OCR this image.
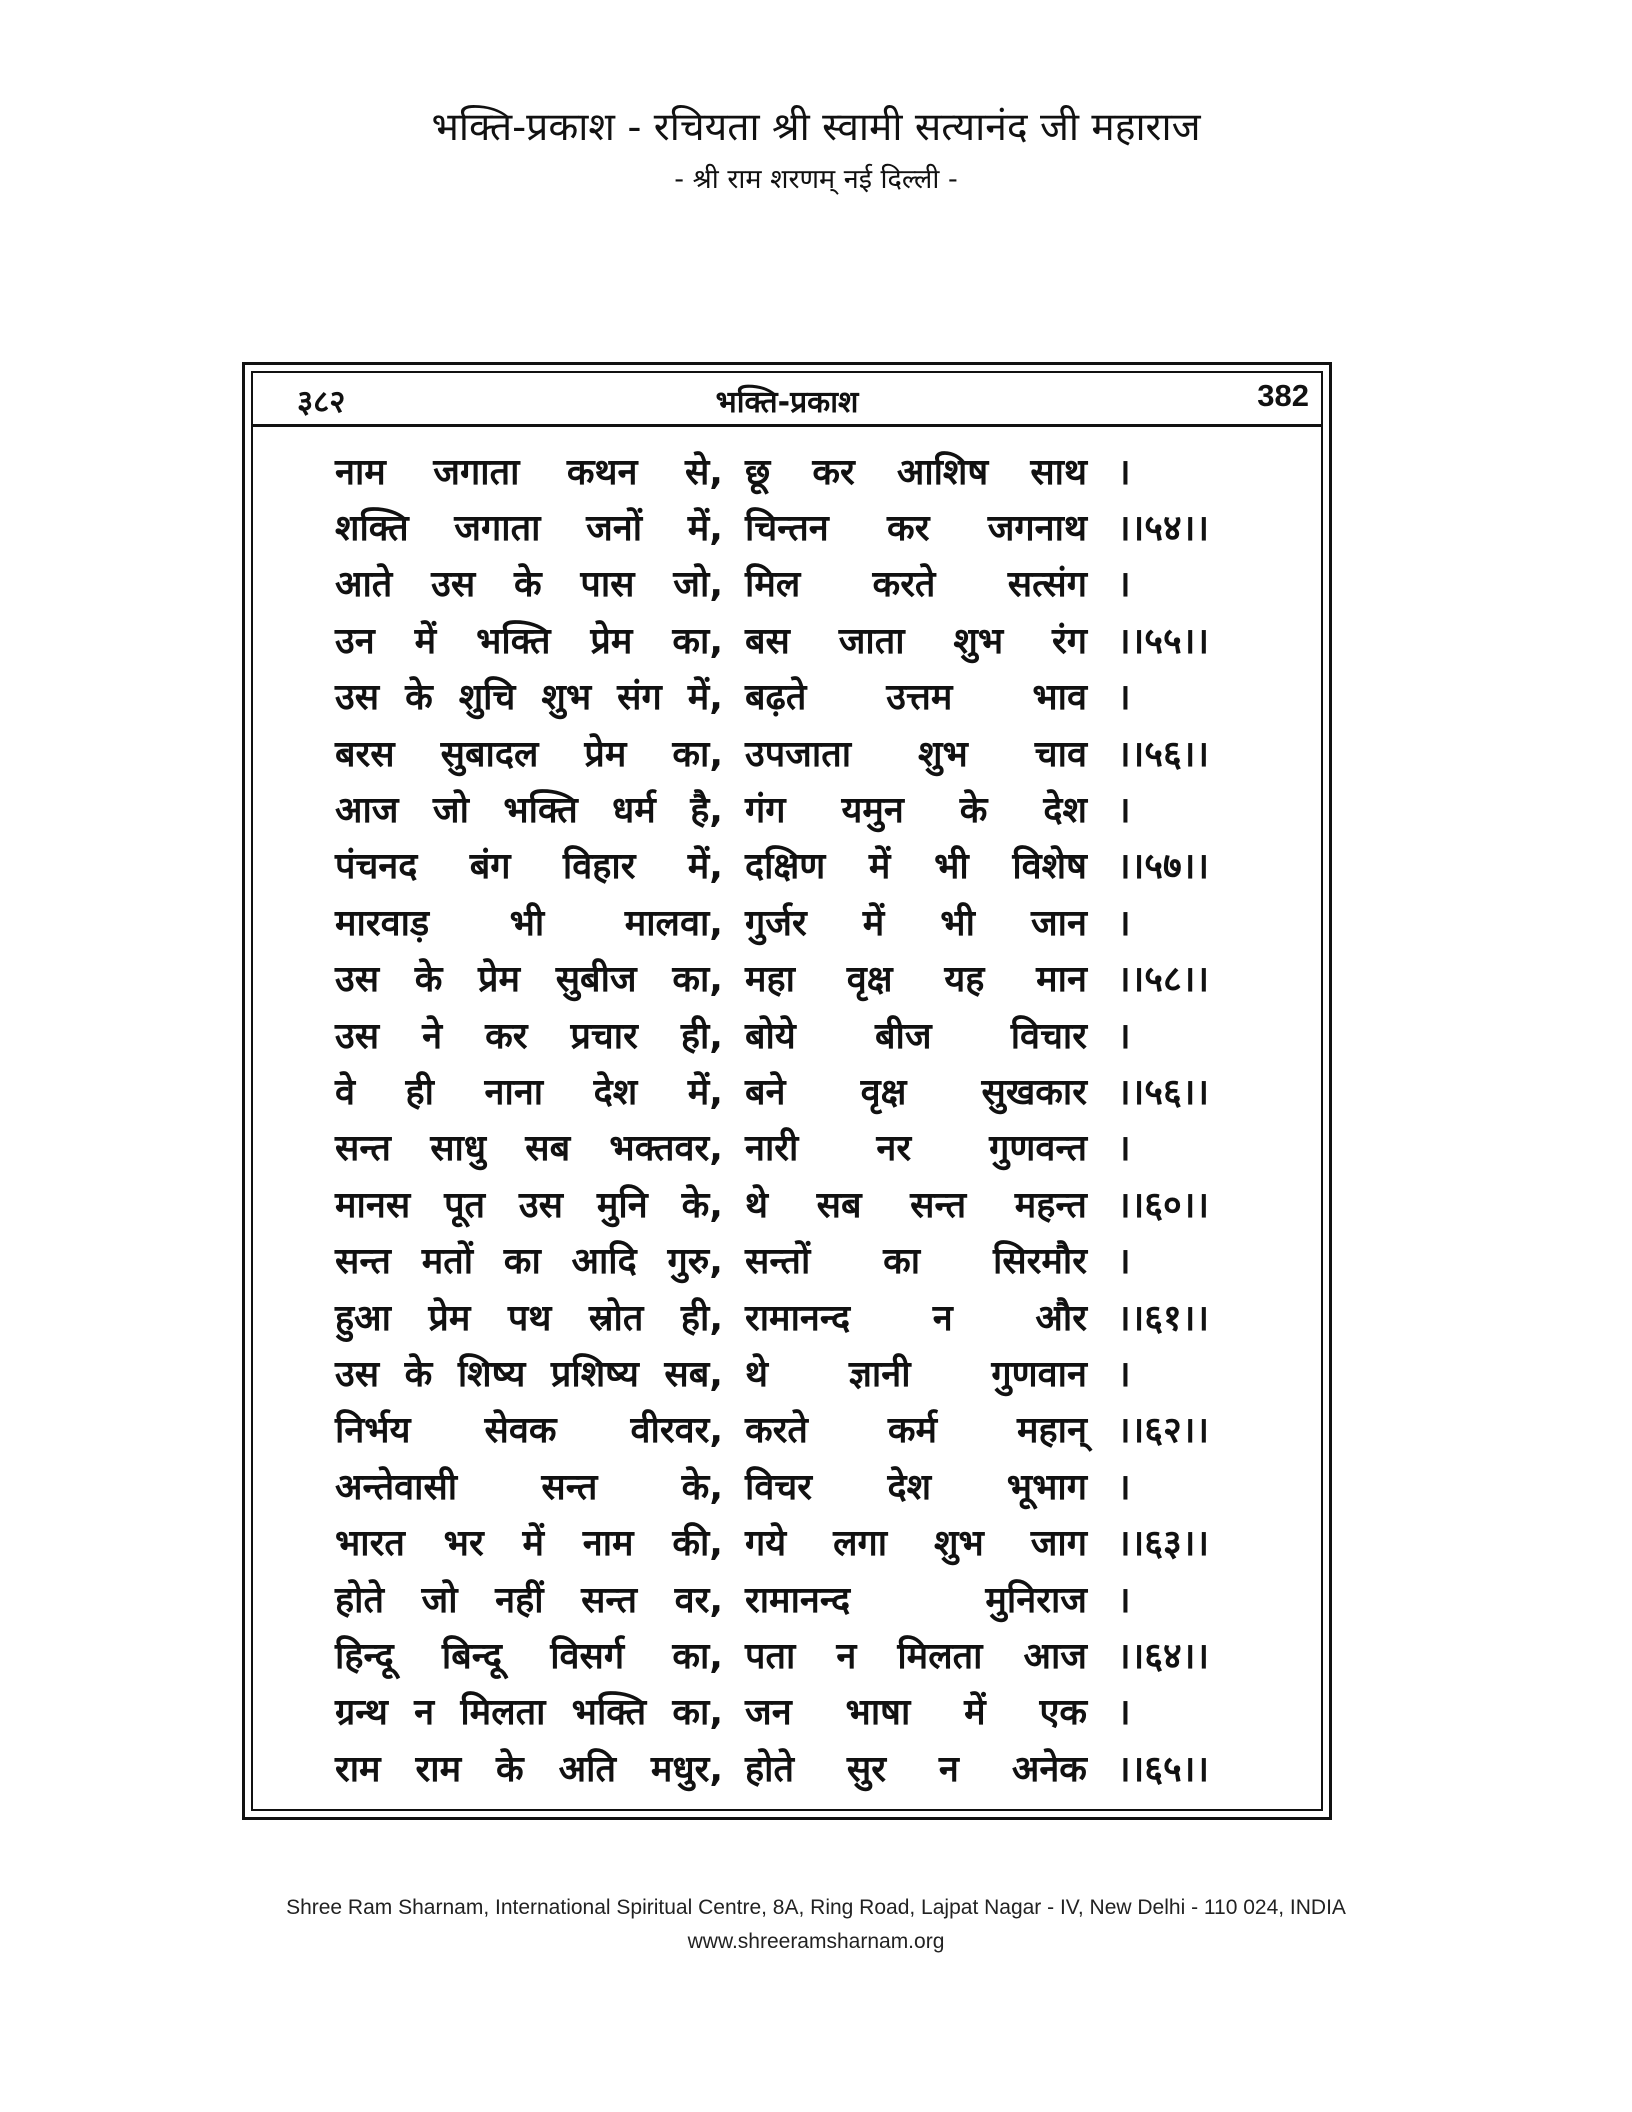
भक्ति-प्रकाश - रचियता श्री स्वामी सत्यानंद जी महाराज
- श्री राम शरणम् नई दिल्ली -
३८२	भक्ति-प्रकाश	382
नाम जगाता कथन से, छू कर आशिष साथ ।
शक्ति जगाता जनों में, चिन्तन कर जगनाथ ।।५४।।
आते उस के पास जो, मिल करते सत्संग ।
उन में भक्ति प्रेम का, बस जाता शुभ रंग ।।५५।।
उस के शुचि शुभ संग में, बढ़ते उत्तम भाव ।
बरस सुबादल प्रेम का, उपजाता शुभ चाव ।।५६।।
आज जो भक्ति धर्म है, गंग यमुन के देश ।
पंचनद बंग विहार में, दक्षिण में भी विशेष ।।५७।।
मारवाड़ भी मालवा, गुर्जर में भी जान ।
उस के प्रेम सुबीज का, महा वृक्ष यह मान ।।५८।।
उस ने कर प्रचार ही, बोये बीज विचार ।
वे ही नाना देश में, बने वृक्ष सुखकार ।।५६।।
सन्त साधु सब भक्तवर, नारी नर गुणवन्त ।
मानस पूत उस मुनि के, थे सब सन्त महन्त ।।६०।।
सन्त मतों का आदि गुरु, सन्तों का सिरमौर ।
हुआ प्रेम पथ स्रोत ही, रामानन्द न और ।।६१।।
उस के शिष्य प्रशिष्य सब, थे ज्ञानी गुणवान ।
निर्भय सेवक वीरवर, करते कर्म महान् ।।६२।।
अन्तेवासी सन्त के, विचर देश भूभाग ।
भारत भर में नाम की, गये लगा शुभ जाग ।।६३।।
होते जो नहीं सन्त वर, रामानन्द	मुनिराज ।
हिन्दू बिन्दू विसर्ग का, पता न मिलता आज ।।६४।।
ग्रन्थ न मिलता भक्ति का, जन भाषा में एक ।
राम राम के अति मधुर, होते सुर न अनेक ।।६५।।
Shree Ram Sharnam, International Spiritual Centre, 8A, Ring Road, Lajpat Nagar - IV, New Delhi - 110 024, INDIA
www.shreeramsharnam.org
